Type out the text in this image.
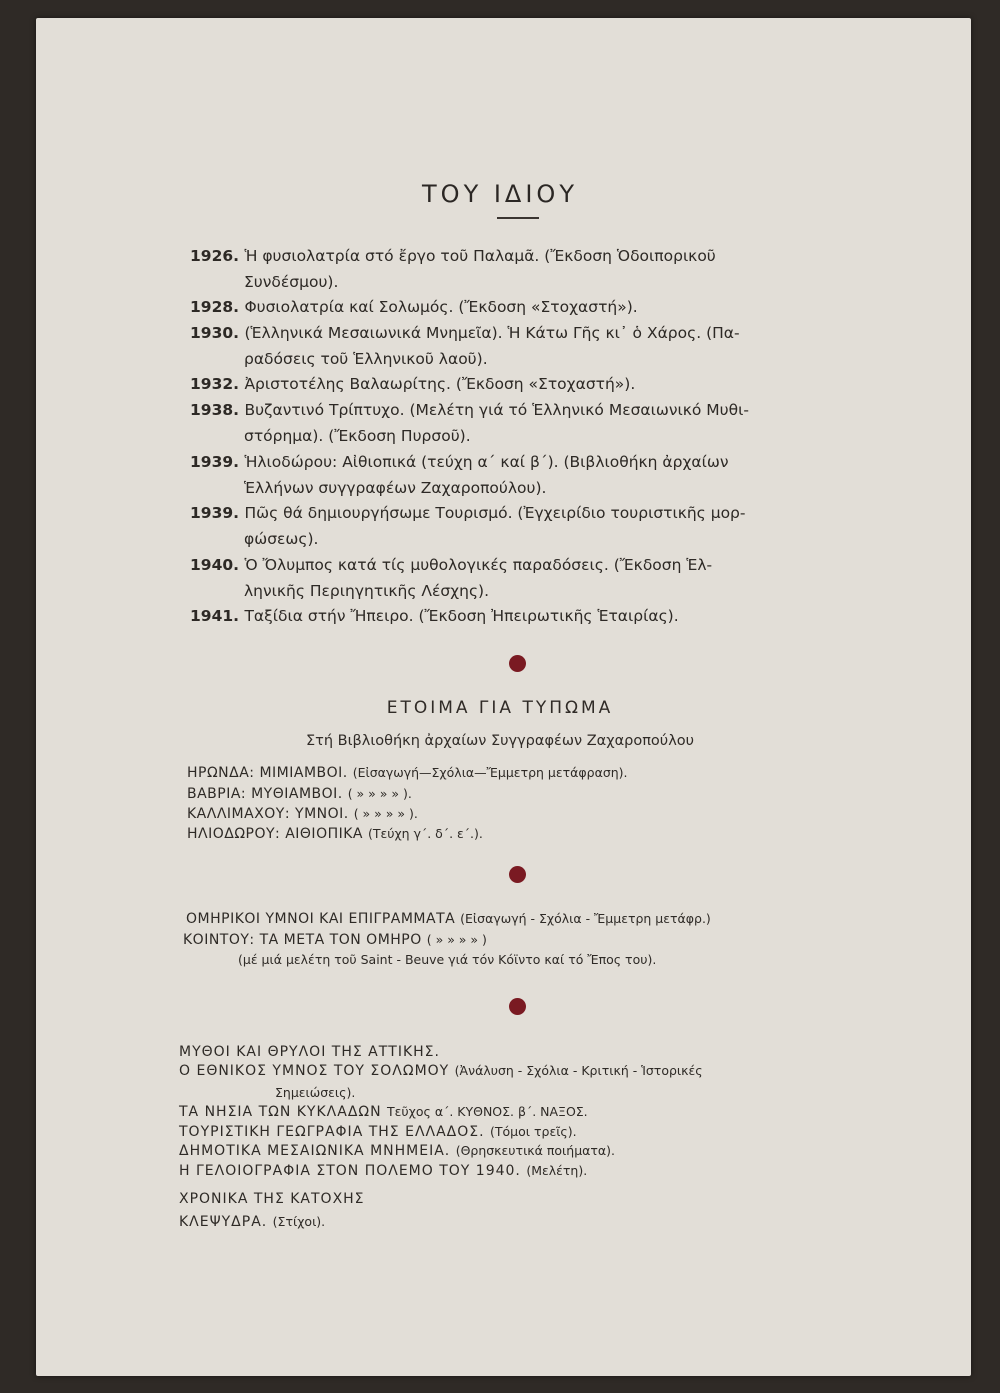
ΤΟΥ ΙΔΙΟΥ
1926. Ἡ φυσιολατρία στό ἔργο τοῦ Παλαμᾶ. (Ἔκδοση Ὁδοιπορικοῦ
Συνδέσμου).
1928. Φυσιολατρία καί Σολωμός. (Ἔκδοση «Στοχαστή»).
1930. (Ἑλληνικά Μεσαιωνικά Μνημεῖα). Ἡ Κάτω Γῆς κι᾿ ὁ Χάρος. (Πα-
ραδόσεις τοῦ Ἑλληνικοῦ λαοῦ).
1932. Ἀριστοτέλης Βαλαωρίτης. (Ἔκδοση «Στοχαστή»).
1938. Βυζαντινό Τρίπτυχο. (Μελέτη γιά τό Ἑλληνικό Μεσαιωνικό Μυθι-
στόρημα). (Ἔκδοση Πυρσοῦ).
1939. Ἡλιοδώρου: Αἰθιοπικά (τεύχη α΄ καί β΄). (Βιβλιοθήκη ἀρχαίων
Ἑλλήνων συγγραφέων Ζαχαροπούλου).
1939. Πῶς θά δημιουργήσωμε Τουρισμό. (Ἐγχειρίδιο τουριστικῆς μορ-
φώσεως).
1940. Ὁ Ὄλυμπος κατά τίς μυθολογικές παραδόσεις. (Ἔκδοση Ἑλ-
ληνικῆς Περιηγητικῆς Λέσχης).
1941. Ταξίδια στήν Ἤπειρο. (Ἔκδοση Ἠπειρωτικῆς Ἑταιρίας).
ΕΤΟΙΜΑ ΓΙΑ ΤΥΠΩΜΑ
Στή Βιβλιοθήκη ἀρχαίων Συγγραφέων Ζαχαροπούλου
ΗΡΩΝΔΑ: ΜΙΜΙΑΜΒΟΙ. (Εἰσαγωγή—Σχόλια—Ἔμμετρη μετάφραση).
ΒΑΒΡΙΑ: ΜΥΘΙΑΜΒΟΙ. ( » » » » ).
ΚΑΛΛΙΜΑΧΟΥ: ΥΜΝΟΙ. ( » » » » ).
ΗΛΙΟΔΩΡΟΥ: ΑΙΘΙΟΠΙΚΑ (Τεύχη γ΄. δ΄. ε΄.).
ΟΜΗΡΙΚΟΙ ΥΜΝΟΙ ΚΑΙ ΕΠΙΓΡΑΜΜΑΤΑ (Εἰσαγωγή - Σχόλια - Ἔμμετρη μετάφρ.)
ΚΟΙΝΤΟΥ: ΤΑ ΜΕΤΑ ΤΟΝ ΟΜΗΡΟ ( » » » » )
(μέ μιά μελέτη τοῦ Saint - Beuve γιά τόν Κόϊντο καί τό Ἔπος του).
ΜΥΘΟΙ ΚΑΙ ΘΡΥΛΟΙ ΤΗΣ ΑΤΤΙΚΗΣ.
Ο ΕΘΝΙΚΟΣ ΥΜΝΟΣ ΤΟΥ ΣΟΛΩΜΟΥ (Ἀνάλυση - Σχόλια - Κριτική - Ἱστορικές
Σημειώσεις).
ΤΑ ΝΗΣΙΑ ΤΩΝ ΚΥΚΛΑΔΩΝ Τεῦχος α΄. ΚΥΘΝΟΣ. β΄. ΝΑΞΟΣ.
ΤΟΥΡΙΣΤΙΚΗ ΓΕΩΓΡΑΦΙΑ ΤΗΣ ΕΛΛΑΔΟΣ. (Τόμοι τρεῖς).
ΔΗΜΟΤΙΚΑ ΜΕΣΑΙΩΝΙΚΑ ΜΝΗΜΕΙΑ. (Θρησκευτικά ποιήματα).
Η ΓΕΛΟΙΟΓΡΑΦΙΑ ΣΤΟΝ ΠΟΛΕΜΟ ΤΟΥ 1940. (Μελέτη).
ΧΡΟΝΙΚΑ ΤΗΣ ΚΑΤΟΧΗΣ
ΚΛΕΨΥΔΡΑ. (Στίχοι).
